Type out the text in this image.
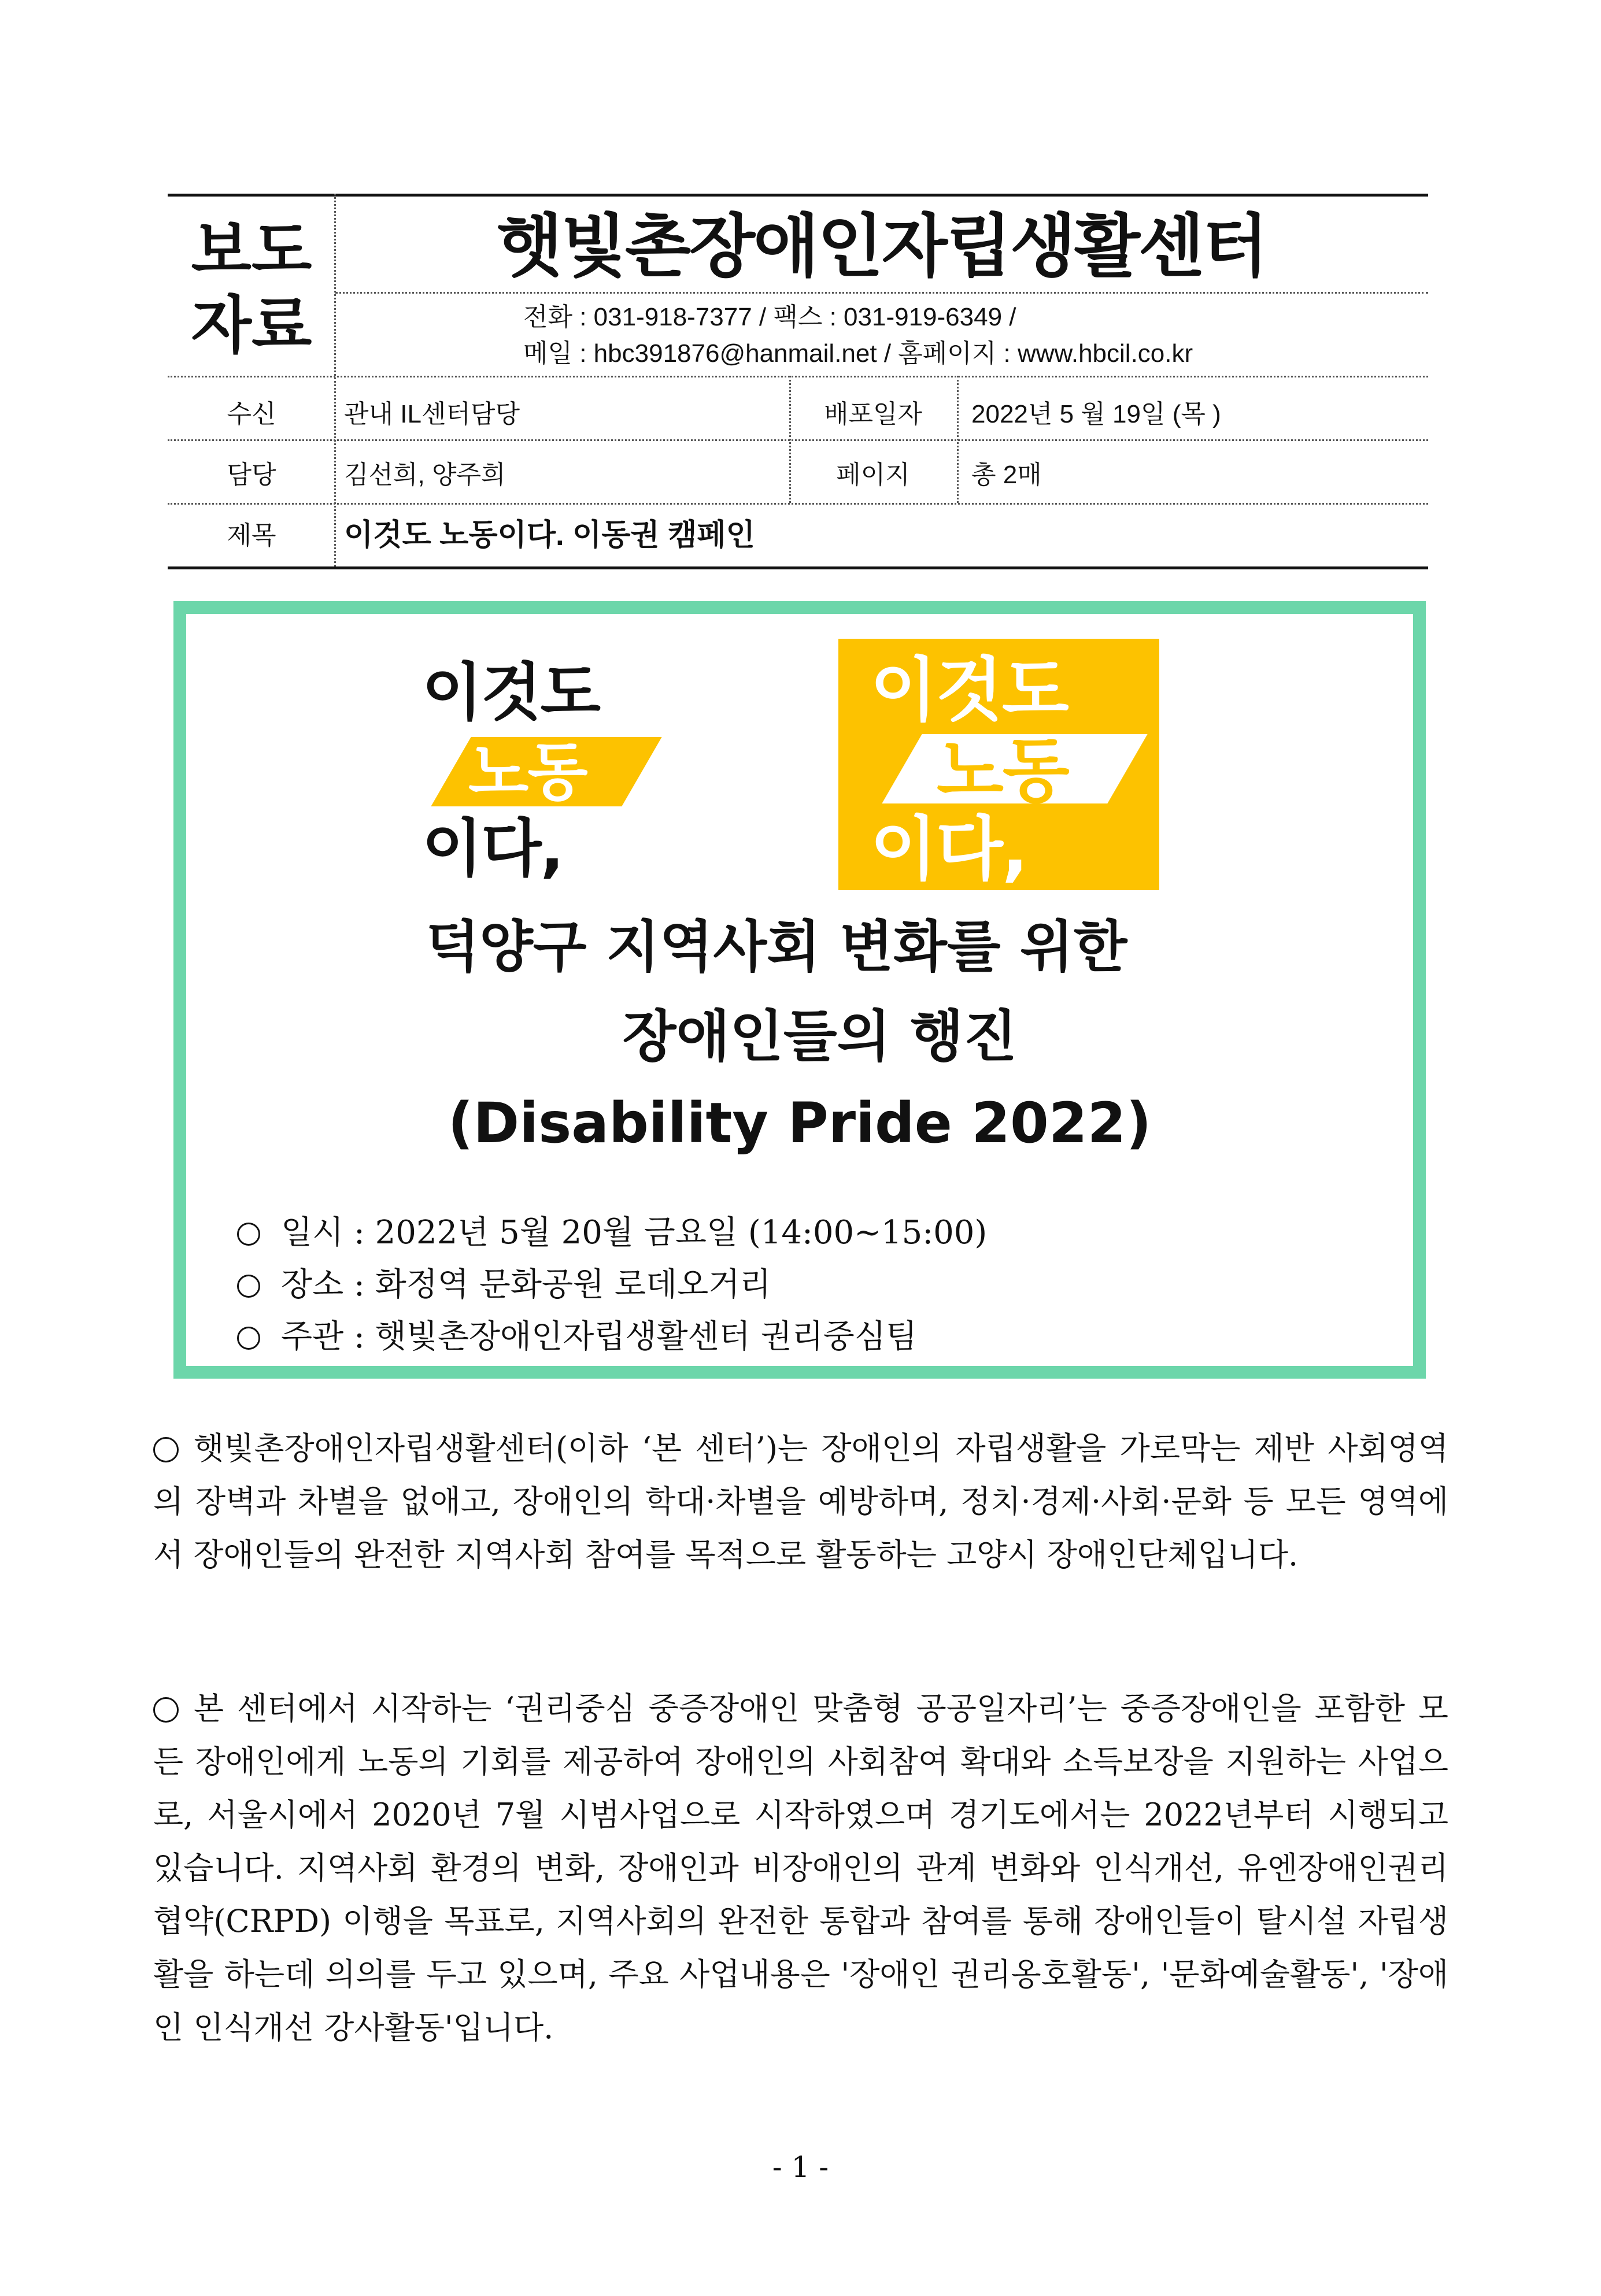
보도
자료
햇빛촌장애인자립생활센터
전화 : 031-918-7377 / 팩스 : 031-919-6349 /
메일 : hbc391876@hanmail.net / 홈페이지 : www.hbcil.co.kr
수신	관내 IL센터담당	배포일자	2022년 5 월 19일 (목 )
담당	김선희, 양주희	페이지	총 2매
제목	이것도 노동이다. 이동권 캠페인
이것도
노동
이다,
이것도
노동
이다,
덕양구 지역사회 변화를 위한
장애인들의 행진
(Disability Pride 2022)
일시 : 2022년 5월 20월 금요일 (14:00~15:00)
장소 : 화정역 문화공원 로데오거리
주관 : 햇빛촌장애인자립생활센터 권리중심팀
햇빛촌장애인자립생활센터(이하 ‘본 센터’)는 장애인의 자립생활을 가로막는 제반 사회영역의 장벽과 차별을 없애고, 장애인의 학대·차별을 예방하며, 정치·경제·사회·문화 등 모든 영역에서 장애인들의 완전한 지역사회 참여를 목적으로 활동하는 고양시 장애인단체입니다.
본 센터에서 시작하는 ‘권리중심 중증장애인 맞춤형 공공일자리’는 중증장애인을 포함한 모든 장애인에게 노동의 기회를 제공하여 장애인의 사회참여 확대와 소득보장을 지원하는 사업으로, 서울시에서 2020년 7월 시범사업으로 시작하였으며 경기도에서는 2022년부터 시행되고 있습니다. 지역사회 환경의 변화, 장애인과 비장애인의 관계 변화와 인식개선, 유엔장애인권리협약(CRPD) 이행을 목표로, 지역사회의 완전한 통합과 참여를 통해 장애인들이 탈시설 자립생활을 하는데 의의를 두고 있으며, 주요 사업내용은 '장애인 권리옹호활동', '문화예술활동', '장애인 인식개선 강사활동'입니다.
- 1 -
